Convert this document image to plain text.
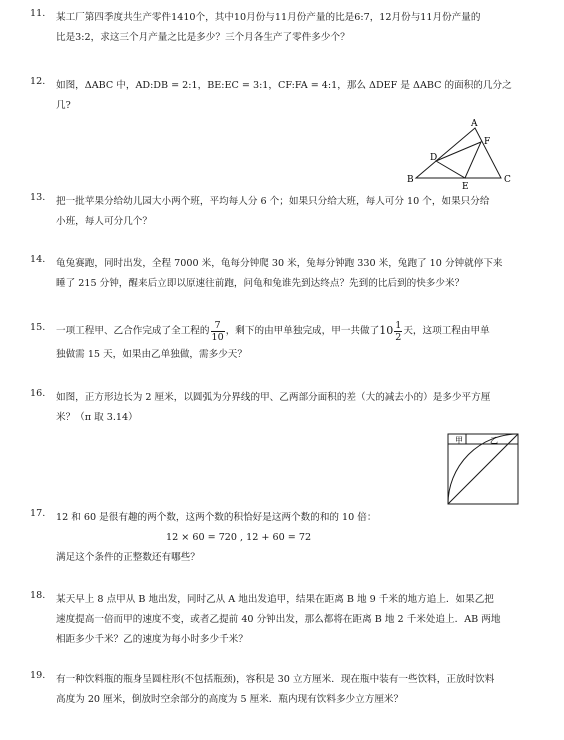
11.	某工厂第四季度共生产零件1410个，其中10月份与11月份产量的比是6:7，12月份与11月份产量的
比是3:2，求这三个月产量之比是多少？三个月各生产了零件多少个？
12.	如图，ΔABC 中，AD:DB = 2:1，BE:EC = 3:1，CF:FA = 4:1，那么 ΔDEF 是 ΔABC 的面积的几分之
几?
A
B	C
D
E
F
13.	把一批苹果分给幼儿园大小两个班，平均每人分 6 个；如果只分给大班，每人可分 10 个，如果只分给
小班，每人可分几个？
14.	龟兔赛跑，同时出发，全程 7000 米，龟每分钟爬 30 米，兔每分钟跑 330 米，兔跑了 10 分钟就停下来
睡了 215 分钟，醒来后立即以原速往前跑，问龟和兔谁先到达终点？先到的比后到的快多少米？
15.	一项工程甲、乙合作完成了全工程的 $\frac{7}{10}$ ，剩下的由甲单独完成，甲一共做了$10 \frac{1}{2}$ 天，这项工程由甲单
独做需 15 天，如果由乙单独做，需多少天？
16.	如图，正方形边长为 2 厘米，以圆弧为分界线的甲、乙两部分面积的差（大的减去小的）是多少平方厘
米？（π 取 3.14）
甲	乙
17.	12 和 60 是很有趣的两个数，这两个数的积恰好是这两个数的和的 10 倍：
12 × 60 = 720 , 12 + 60 = 72
满足这个条件的正整数还有哪些？
18.	某天早上 8 点甲从 B 地出发，同时乙从 A 地出发追甲，结果在距离 B 地 9 千米的地方追上．如果乙把
速度提高一倍而甲的速度不变，或者乙提前 40 分钟出发，那么都将在距离 B 地 2 千米处追上．AB 两地
相距多少千米？乙的速度为每小时多少千米？
19.	有一种饮料瓶的瓶身呈圆柱形(不包括瓶颈)，容积是 30 立方厘米．现在瓶中装有一些饮料，正放时饮料
高度为 20 厘米，倒放时空余部分的高度为 5 厘米．瓶内现有饮料多少立方厘米？
